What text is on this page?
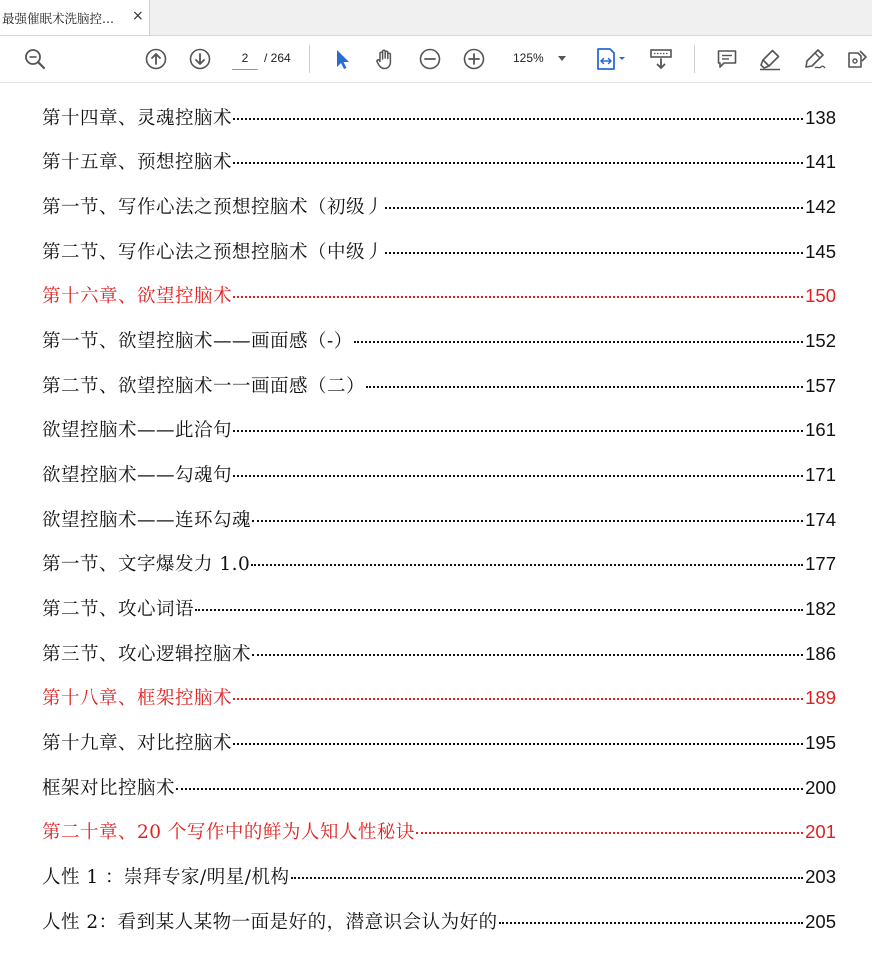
最强催眠术洗脑控...	×
2
/ 264	125%
第十四章、灵魂控脑术	138
第十五章、预想控脑术	141
第一节、写作心法之预想控脑术（初级丿	142
第二节、写作心法之预想控脑术（中级丿	145
第十六章、欲望控脑术	150
第一节、欲望控脑术——画面感（-）	152
第二节、欲望控脑术一一画面感（二）	157
欲望控脑术——此洽句	161
欲望控脑术——勾魂句	171
欲望控脑术——连环勾魂	174
第一节、文字爆发力 1.0	177
第二节、攻心词语	182
第三节、攻心逻辑控脑术	186
第十八章、框架控脑术	189
第十九章、对比控脑术	195
框架对比控脑术	200
第二十章、20 个写作中的鲜为人知人性秘诀	201
人性 1 ：崇拜专家/明星/机构	203
人性 2：看到某人某物一面是好的，潜意识会认为好的	205
